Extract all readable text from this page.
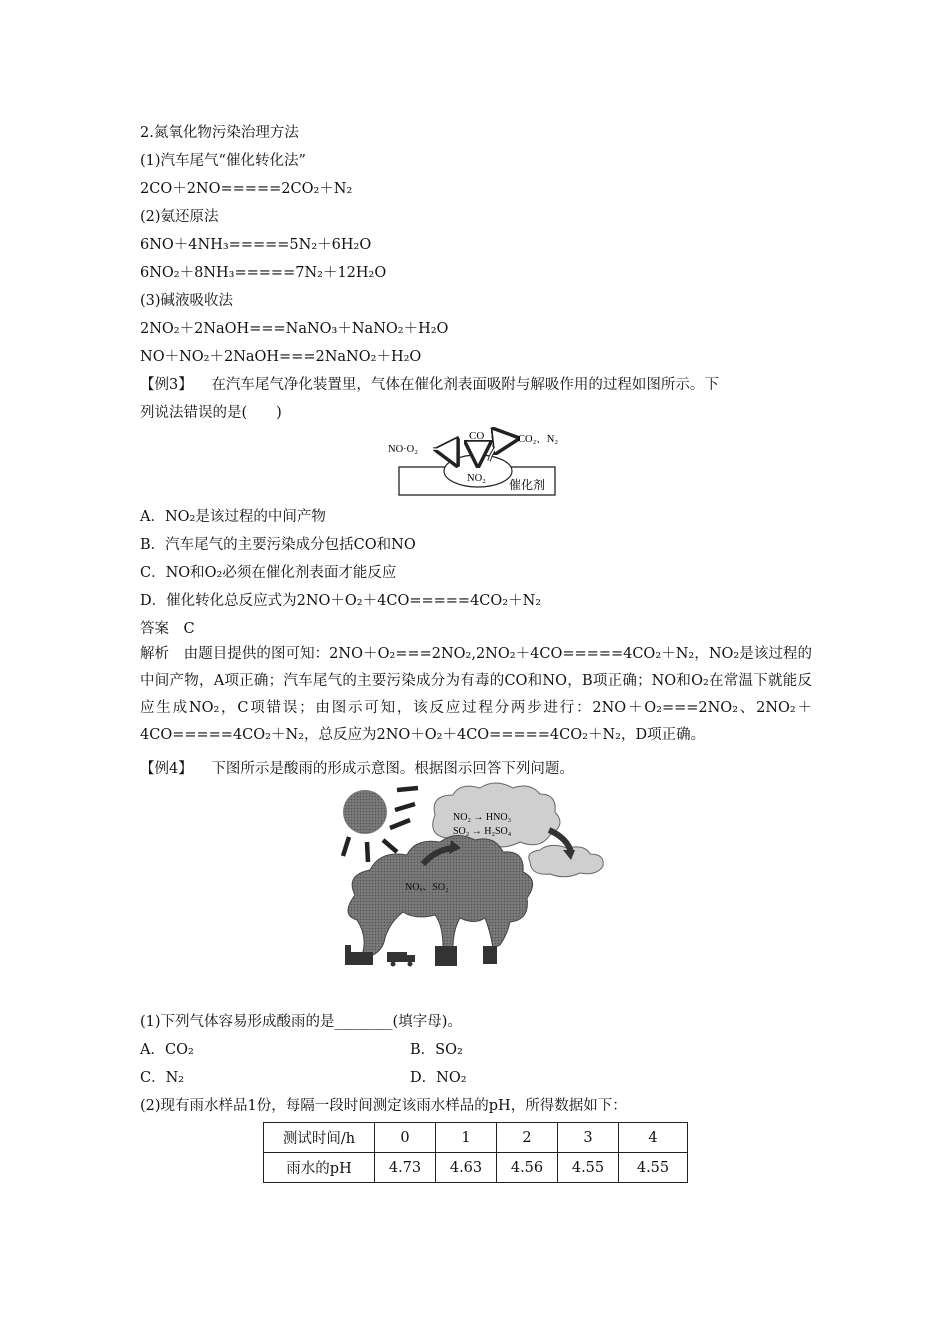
2.氮氧化物污染治理方法
(1)汽车尾气“催化转化法”
2CO＋2NO=====2CO₂＋N₂
(2)氨还原法
6NO＋4NH₃=====5N₂＋6H₂O
6NO₂＋8NH₃=====7N₂＋12H₂O
(3)碱液吸收法
2NO₂＋2NaOH===NaNO₃＋NaNO₂＋H₂O
NO＋NO₂＋2NaOH===2NaNO₂＋H₂O
【例3】 在汽车尾气净化装置里，气体在催化剂表面吸附与解吸作用的过程如图所示。下
列说法错误的是(　　)
NO·O₂
CO	CO₂、N₂
NO₂ 催化剂
A．NO₂是该过程的中间产物
B．汽车尾气的主要污染成分包括CO和NO
C．NO和O₂必须在催化剂表面才能反应
D．催化转化总反应式为2NO＋O₂＋4CO=====4CO₂＋N₂
答案　C
解析　由题目提供的图可知：2NO＋O₂===2NO₂,2NO₂＋4CO=====4CO₂＋N₂，NO₂是该过程的中间产物，A项正确；汽车尾气的主要污染成分为有毒的CO和NO，B项正确；NO和O₂在常温下就能反应生成NO₂，C项错误；由图示可知，该反应过程分两步进行：2NO＋O₂===2NO₂、2NO₂＋4CO=====4CO₂＋N₂，总反应为2NO＋O₂＋4CO=====4CO₂＋N₂，D项正确。
【例4】 下图所示是酸雨的形成示意图。根据图示回答下列问题。
NO₂ → HNO₃
SO₂ → H₂SO₄
NOₓ、SO₂
(1)下列气体容易形成酸雨的是________(填字母)。
A．CO₂	B．SO₂
C．N₂	D．NO₂
(2)现有雨水样品1份，每隔一段时间测定该雨水样品的pH，所得数据如下：
测试时间/h	0	1	2	3	4
雨水的pH	4.73	4.63	4.56	4.55	4.55
